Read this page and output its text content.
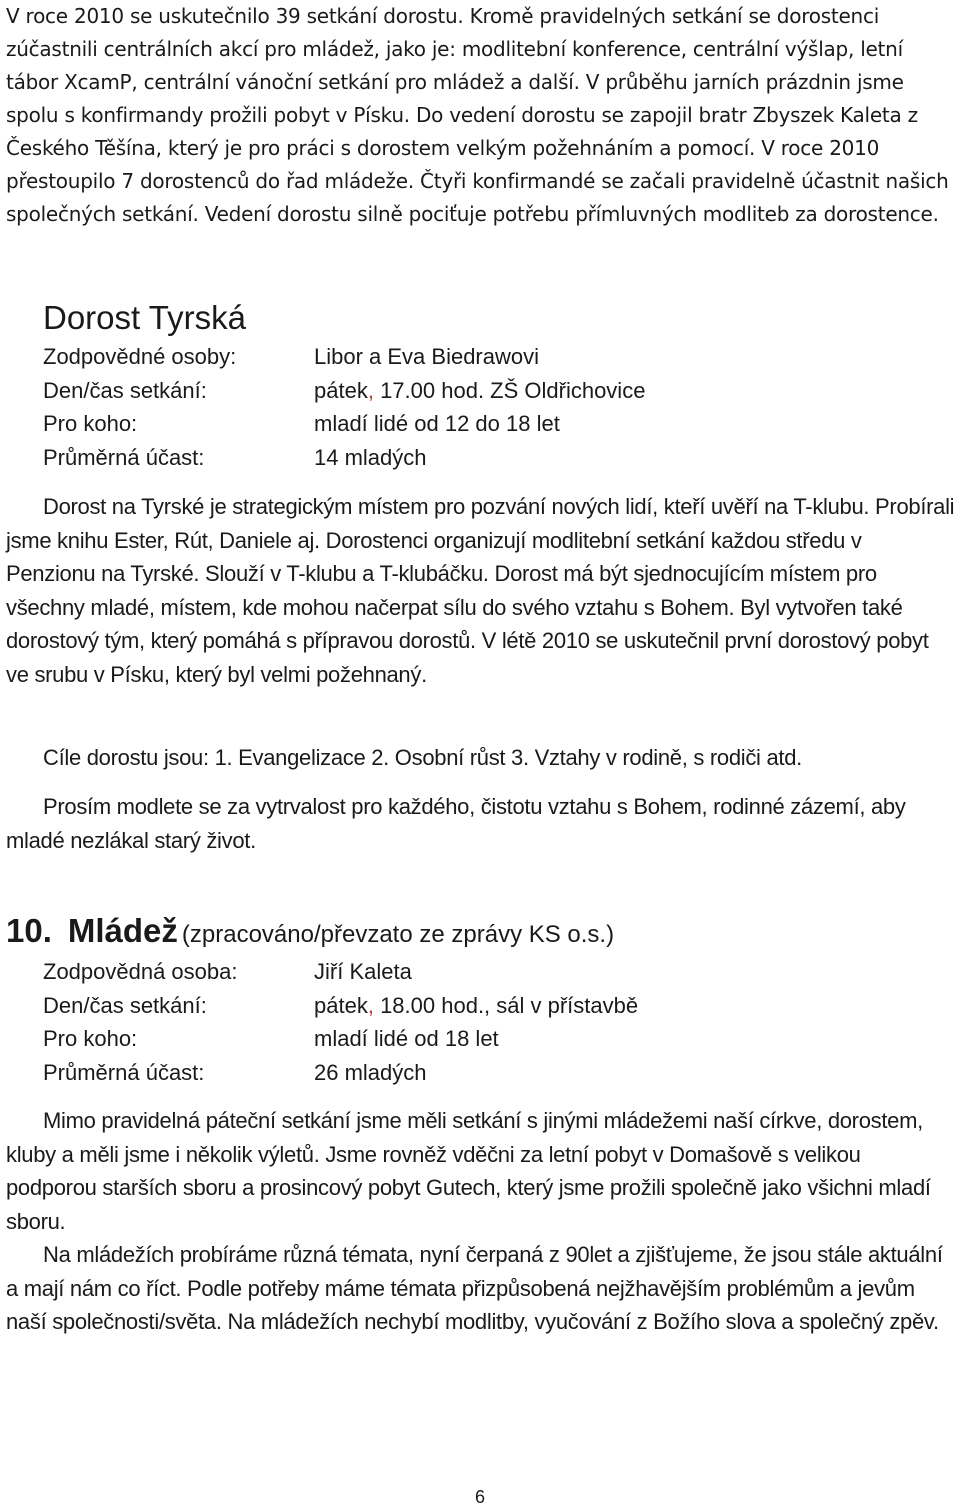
V roce 2010 se uskutečnilo 39 setkání dorostu. Kromě pravidelných setkání se dorostenci zúčastnili centrálních akcí pro mládež, jako je: modlitební konference, centrální výšlap, letní tábor XcamP, centrální vánoční setkání pro mládež a další. V průběhu jarních prázdnin jsme spolu s konfirmandy prožili pobyt v Písku. Do vedení dorostu se zapojil bratr Zbyszek Kaleta z Českého Těšína, který je pro práci s dorostem velkým požehnáním a pomocí. V roce 2010 přestoupilo 7 dorostenců do řad mládeže. Čtyři konfirmandé se začali pravidelně účastnit našich společných setkání. Vedení dorostu silně pociťuje potřebu přímluvných modliteb za dorostence.

Dorost Tyrská
Zodpovědné osoby:	Libor a Eva Biedrawovi
Den/čas setkání:	pátek, 17.00 hod. ZŠ Oldřichovice
Pro koho:	mladí lidé od 12 do 18 let
Průměrná účast:	14 mladých

Dorost na Tyrské je strategickým místem pro pozvání nových lidí, kteří uvěří na T-klubu. Probírali jsme knihu Ester, Rút, Daniele aj. Dorostenci organizují modlitební setkání každou středu v Penzionu na Tyrské. Slouží v T-klubu a T-klubáčku. Dorost má být sjednocujícím místem pro všechny mladé, místem, kde mohou načerpat sílu do svého vztahu s Bohem. Byl vytvořen také dorostový tým, který pomáhá s přípravou dorostů. V létě 2010 se uskutečnil první dorostový pobyt ve srubu v Písku, který byl velmi požehnaný.

Cíle dorostu jsou: 1. Evangelizace 2. Osobní růst 3. Vztahy v rodině, s rodiči atd.

Prosím modlete se za vytrvalost pro každého, čistotu vztahu s Bohem, rodinné zázemí, aby mladé nezlákal starý život.

10. Mládež (zpracováno/převzato ze zprávy KS o.s.)
Zodpovědná osoba:	Jiří Kaleta
Den/čas setkání:	pátek, 18.00 hod., sál v přístavbě
Pro koho:	mladí lidé od 18 let
Průměrná účast:	26 mladých

Mimo pravidelná páteční setkání jsme měli setkání s jinými mládežemi naší církve, dorostem, kluby a měli jsme i několik výletů. Jsme rovněž vděčni za letní pobyt v Domašově s velikou podporou starších sboru a prosincový pobyt Gutech, který jsme prožili společně jako všichni mladí sboru.

Na mládežích probíráme různá témata, nyní čerpaná z 90let a zjišťujeme, že jsou stále aktuální a mají nám co říct. Podle potřeby máme témata přizpůsobená nejžhavějším problémům a jevům naší společnosti/světa. Na mládežích nechybí modlitby, vyučování z Božího slova a společný zpěv.

6
